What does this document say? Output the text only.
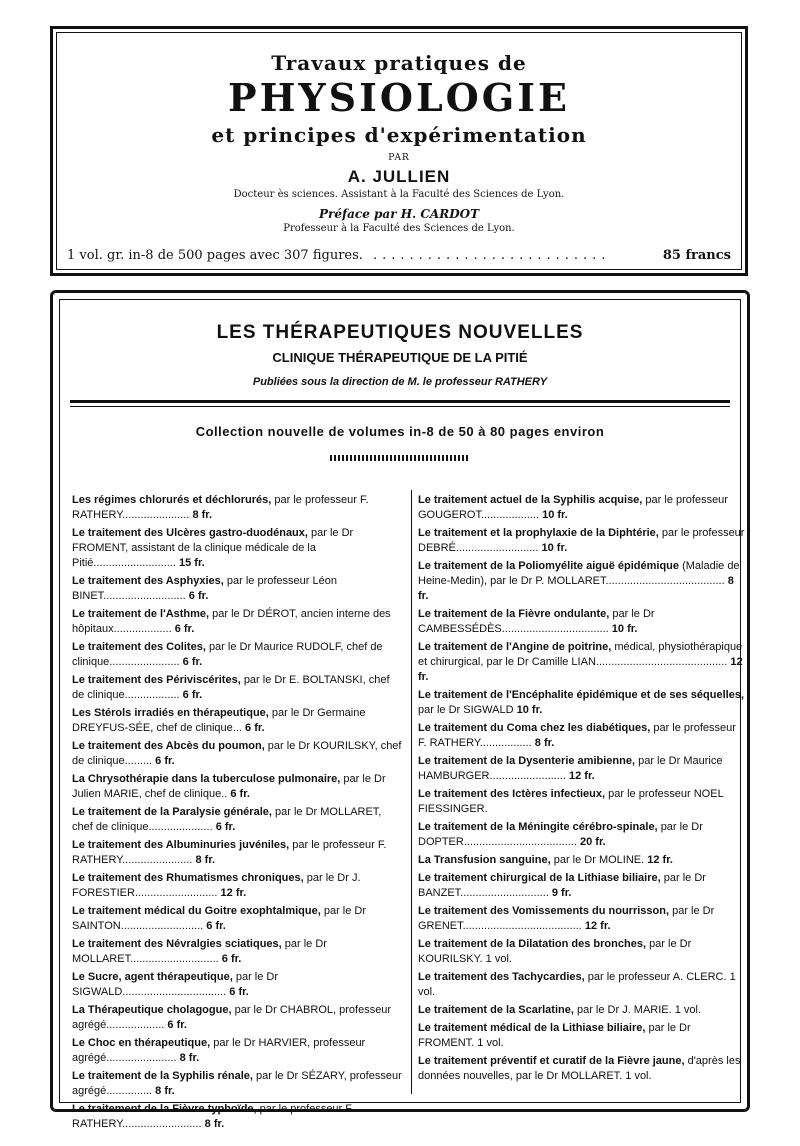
Travaux pratiques de
PHYSIOLOGIE
et principes d'expérimentation
PAR
A. JULLIEN
Docteur ès sciences. Assistant à la Faculté des Sciences de Lyon.
Préface par H. CARDOT
Professeur à la Faculté des Sciences de Lyon.
1 vol. gr. in-8 de 500 pages avec 307 figures. ..........................	85 francs
LES THÉRAPEUTIQUES NOUVELLES
CLINIQUE THÉRAPEUTIQUE DE LA PITIÉ
Publiées sous la direction de M. le professeur RATHERY
Collection nouvelle de volumes in-8 de 50 à 80 pages environ
Les régimes chlorurés et déchlorurés, par le professeur F. RATHERY...................... 8 fr.
Le traitement des Ulcères gastro-duodénaux, par le Dr FROMENT, assistant de la clinique médicale de la Pitié........................... 15 fr.
Le traitement des Asphyxies, par le professeur Léon BINET........................... 6 fr.
Le traitement de l'Asthme, par le Dr DÉROT, ancien interne des hôpitaux................... 6 fr.
Le traitement des Colites, par le Dr Maurice RUDOLF, chef de clinique....................... 6 fr.
Le traitement des Périviscérites, par le Dr E. BOLTANSKI, chef de clinique.................. 6 fr.
Les Stérols irradiés en thérapeutique, par le Dr Germaine DREYFUS-SÉE, chef de clinique... 6 fr.
Le traitement des Abcès du poumon, par le Dr KOURILSKY, chef de clinique......... 6 fr.
La Chrysothérapie dans la tuberculose pulmonaire, par le Dr Julien MARIE, chef de clinique.. 6 fr.
Le traitement de la Paralysie générale, par le Dr MOLLARET, chef de clinique..................... 6 fr.
Le traitement des Albuminuries juvéniles, par le professeur F. RATHERY....................... 8 fr.
Le traitement des Rhumatismes chroniques, par le Dr J. FORESTIER........................... 12 fr.
Le traitement médical du Goitre exophtalmique, par le Dr SAINTON........................... 6 fr.
Le traitement des Névralgies sciatiques, par le Dr MOLLARET............................. 6 fr.
Le Sucre, agent thérapeutique, par le Dr SIGWALD.................................. 6 fr.
La Thérapeutique cholagogue, par le Dr CHABROL, professeur agrégé................... 6 fr.
Le Choc en thérapeutique, par le Dr HARVIER, professeur agrégé....................... 8 fr.
Le traitement de la Syphilis rénale, par le Dr SÉZARY, professeur agrégé............... 8 fr.
Le traitement de la Fièvre typhoïde, par le professeur F. RATHERY.......................... 8 fr.
Le traitement actuel de la Syphilis acquise, par le professeur GOUGEROT................... 10 fr.
Le traitement et la prophylaxie de la Diphtérie, par le professeur DEBRÉ........................... 10 fr.
Le traitement de la Poliomyélite aiguë épidémique (Maladie de Heine-Medin), par le Dr P. MOLLARET....................................... 8 fr.
Le traitement de la Fièvre ondulante, par le Dr CAMBESSÉDÈS................................... 10 fr.
Le traitement de l'Angine de poitrine, médical, physiothérapique et chirurgical, par le Dr Camille LIAN........................................... 12 fr.
Le traitement de l'Encéphalite épidémique et de ses séquelles, par le Dr SIGWALD 10 fr.
Le traitement du Coma chez les diabétiques, par le professeur F. RATHERY................. 8 fr.
Le traitement de la Dysenterie amibienne, par le Dr Maurice HAMBURGER......................... 12 fr.
Le traitement des Ictères infectieux, par le professeur NOEL FIESSINGER.
Le traitement de la Méningite cérébro-spinale, par le Dr DOPTER..................................... 20 fr.
La Transfusion sanguine, par le Dr MOLINE. 12 fr.
Le traitement chirurgical de la Lithiase biliaire, par le Dr BANZET............................. 9 fr.
Le traitement des Vomissements du nourrisson, par le Dr GRENET....................................... 12 fr.
Le traitement de la Dilatation des bronches, par le Dr KOURILSKY. 1 vol.
Le traitement des Tachycardies, par le professeur A. CLERC. 1 vol.
Le traitement de la Scarlatine, par le Dr J. MARIE. 1 vol.
Le traitement médical de la Lithiase biliaire, par le Dr FROMENT. 1 vol.
Le traitement préventif et curatif de la Fièvre jaune, d'après les données nouvelles, par le Dr MOLLARET. 1 vol.
